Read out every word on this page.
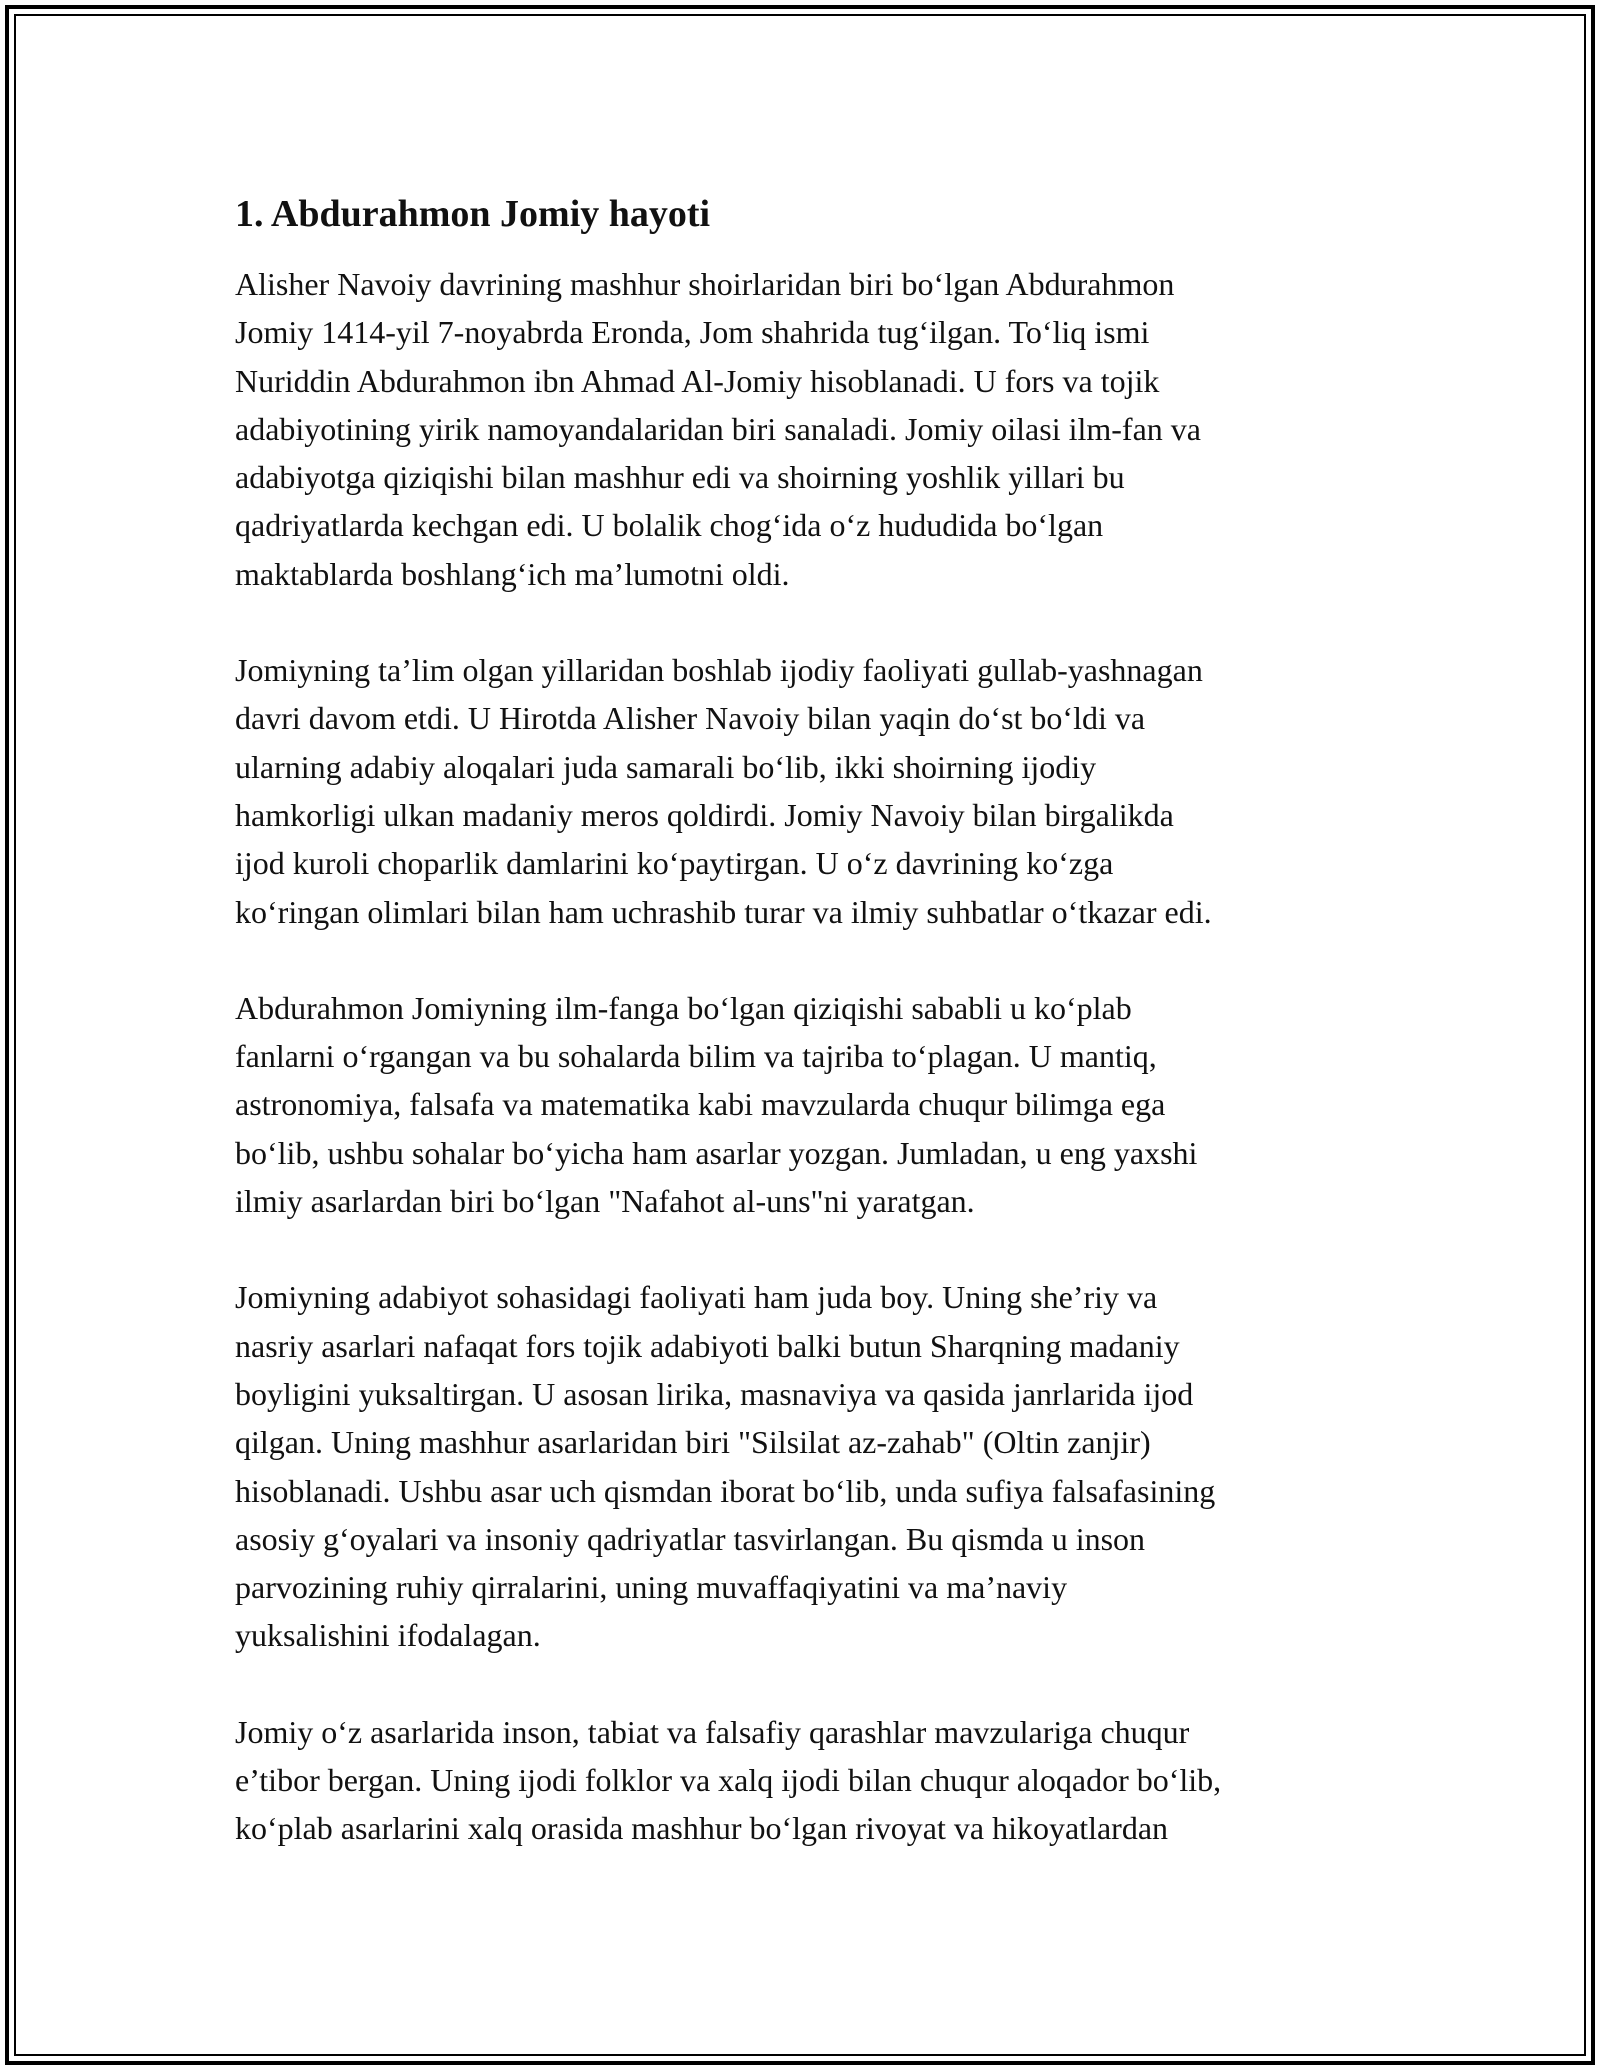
1. Abdurahmon Jomiy hayoti

Alisher Navoiy davrining mashhur shoirlaridan biri bo‘lgan Abdurahmon
Jomiy 1414-yil 7-noyabrda Eronda, Jom shahrida tug‘ilgan. To‘liq ismi
Nuriddin Abdurahmon ibn Ahmad Al-Jomiy hisoblanadi. U fors va tojik
adabiyotining yirik namoyandalaridan biri sanaladi. Jomiy oilasi ilm-fan va
adabiyotga qiziqishi bilan mashhur edi va shoirning yoshlik yillari bu
qadriyatlarda kechgan edi. U bolalik chog‘ida o‘z hududida bo‘lgan
maktablarda boshlang‘ich ma’lumotni oldi.

Jomiyning ta’lim olgan yillaridan boshlab ijodiy faoliyati gullab-yashnagan
davri davom etdi. U Hirotda Alisher Navoiy bilan yaqin do‘st bo‘ldi va
ularning adabiy aloqalari juda samarali bo‘lib, ikki shoirning ijodiy
hamkorligi ulkan madaniy meros qoldirdi. Jomiy Navoiy bilan birgalikda
ijod kuroli choparlik damlarini ko‘paytirgan. U o‘z davrining ko‘zga
ko‘ringan olimlari bilan ham uchrashib turar va ilmiy suhbatlar o‘tkazar edi.

Abdurahmon Jomiyning ilm-fanga bo‘lgan qiziqishi sababli u ko‘plab
fanlarni o‘rgangan va bu sohalarda bilim va tajriba to‘plagan. U mantiq,
astronomiya, falsafa va matematika kabi mavzularda chuqur bilimga ega
bo‘lib, ushbu sohalar bo‘yicha ham asarlar yozgan. Jumladan, u eng yaxshi
ilmiy asarlardan biri bo‘lgan "Nafahot al-uns"ni yaratgan.

Jomiyning adabiyot sohasidagi faoliyati ham juda boy. Uning she’riy va
nasriy asarlari nafaqat fors tojik adabiyoti balki butun Sharqning madaniy
boyligini yuksaltirgan. U asosan lirika, masnaviya va qasida janrlarida ijod
qilgan. Uning mashhur asarlaridan biri "Silsilat az-zahab" (Oltin zanjir)
hisoblanadi. Ushbu asar uch qismdan iborat bo‘lib, unda sufiya falsafasining
asosiy g‘oyalari va insoniy qadriyatlar tasvirlangan. Bu qismda u inson
parvozining ruhiy qirralarini, uning muvaffaqiyatini va ma’naviy
yuksalishini ifodalagan.

Jomiy o‘z asarlarida inson, tabiat va falsafiy qarashlar mavzulariga chuqur
e’tibor bergan. Uning ijodi folklor va xalq ijodi bilan chuqur aloqador bo‘lib,
ko‘plab asarlarini xalq orasida mashhur bo‘lgan rivoyat va hikoyatlardan
